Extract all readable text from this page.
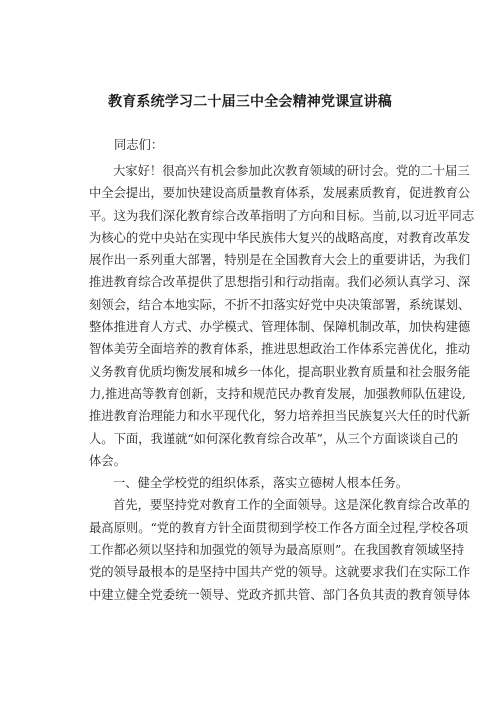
教育系统学习二十届三中全会精神党课宣讲稿

同志们：

大家好！很高兴有机会参加此次教育领域的研讨会。党的二十届三
中全会提出，要加快建设高质量教育体系，发展素质教育，促进教育公
平。这为我们深化教育综合改革指明了方向和目标。当前,以习近平同志
为核心的党中央站在实现中华民族伟大复兴的战略高度，对教育改革发
展作出一系列重大部署，特别是在全国教育大会上的重要讲话，为我们
推进教育综合改革提供了思想指引和行动指南。我们必须认真学习、深
刻领会，结合本地实际，不折不扣落实好党中央决策部署，系统谋划、
整体推进育人方式、办学模式、管理体制、保障机制改革，加快构建德
智体美劳全面培养的教育体系，推进思想政治工作体系完善优化，推动
义务教育优质均衡发展和城乡一体化，提高职业教育质量和社会服务能
力,推进高等教育创新，支持和规范民办教育发展，加强教师队伍建设,
推进教育治理能力和水平现代化，努力培养担当民族复兴大任的时代新
人。下面，我谨就“如何深化教育综合改革”，从三个方面谈谈自己的
体会。
一、健全学校党的组织体系，落实立德树人根本任务。
首先，要坚持党对教育工作的全面领导。这是深化教育综合改革的
最高原则。“党的教育方针全面贯彻到学校工作各方面全过程,学校各项
工作都必须以坚持和加强党的领导为最高原则”。在我国教育领域坚持
党的领导最根本的是坚持中国共产党的领导。这就要求我们在实际工作
中建立健全党委统一领导、党政齐抓共管、部门各负其责的教育领导体
